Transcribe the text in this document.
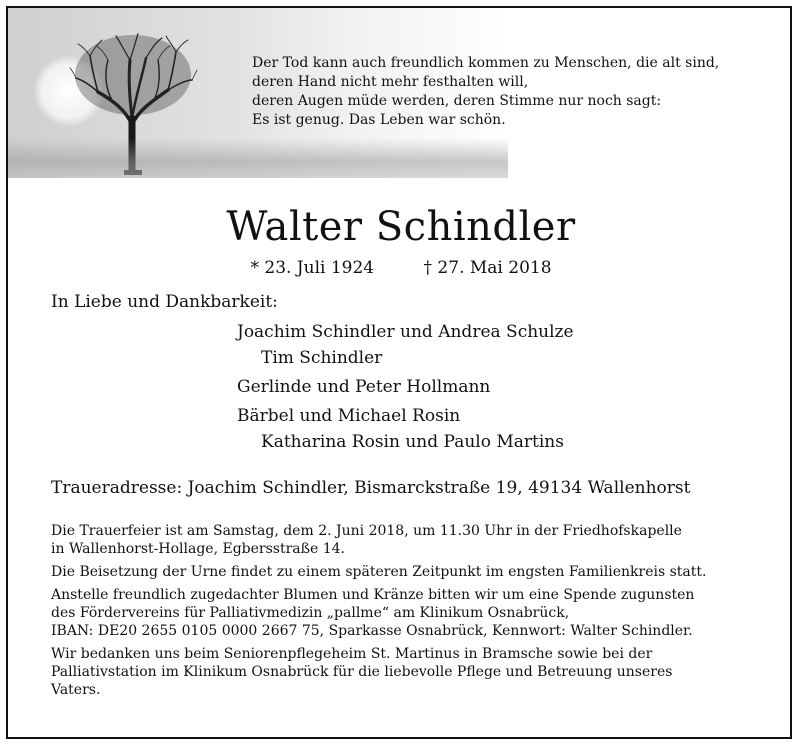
Der Tod kann auch freundlich kommen zu Menschen, die alt sind,
deren Hand nicht mehr festhalten will,
deren Augen müde werden, deren Stimme nur noch sagt:
Es ist genug. Das Leben war schön.
Walter Schindler
* 23. Juli 1924	† 27. Mai 2018
In Liebe und Dankbarkeit:
Joachim Schindler und Andrea Schulze
Tim Schindler
Gerlinde und Peter Hollmann
Bärbel und Michael Rosin
Katharina Rosin und Paulo Martins
Traueradresse: Joachim Schindler, Bismarckstraße 19, 49134 Wallenhorst

Die Trauerfeier ist am Samstag, dem 2. Juni 2018, um 11.30 Uhr in der Friedhofskapelle
in Wallenhorst-Hollage, Egbersstraße 14.

Die Beisetzung der Urne findet zu einem späteren Zeitpunkt im engsten Familienkreis statt.

Anstelle freundlich zugedachter Blumen und Kränze bitten wir um eine Spende zugunsten
des Fördervereins für Palliativmedizin „pallme“ am Klinikum Osnabrück,
IBAN: DE20 2655 0105 0000 2667 75, Sparkasse Osnabrück, Kennwort: Walter Schindler.

Wir bedanken uns beim Seniorenpflegeheim St. Martinus in Bramsche sowie bei der
Palliativstation im Klinikum Osnabrück für die liebevolle Pflege und Betreuung unseres
Vaters.
